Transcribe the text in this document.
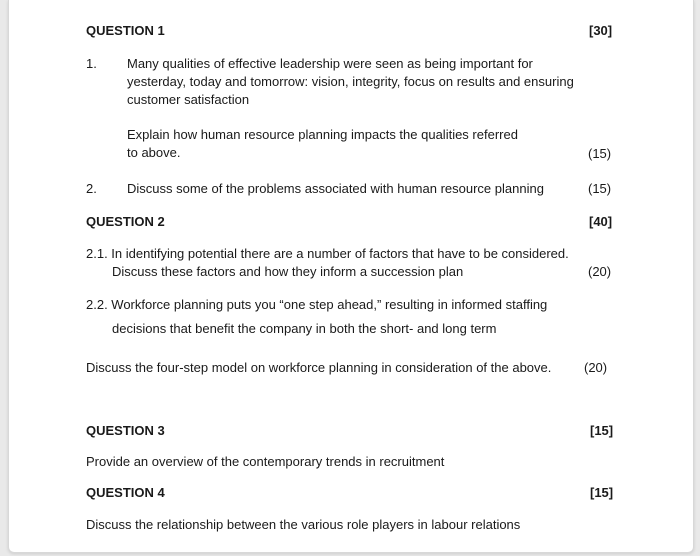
QUESTION 1	[30]
1. Many qualities of effective leadership were seen as being important for
yesterday, today and tomorrow: vision, integrity, focus on results and ensuring
customer satisfaction
Explain how human resource planning impacts the qualities referred
to above.	(15)
2. Discuss some of the problems associated with human resource planning	(15)
QUESTION 2	[40]
2.1. In identifying potential there are a number of factors that have to be considered.
Discuss these factors and how they inform a succession plan	(20)
2.2. Workforce planning puts you “one step ahead,” resulting in informed staffing
decisions that benefit the company in both the short- and long term
Discuss the four-step model on workforce planning in consideration of the above.	(20)
QUESTION 3	[15]
Provide an overview of the contemporary trends in recruitment
QUESTION 4	[15]
Discuss the relationship between the various role players in labour relations
